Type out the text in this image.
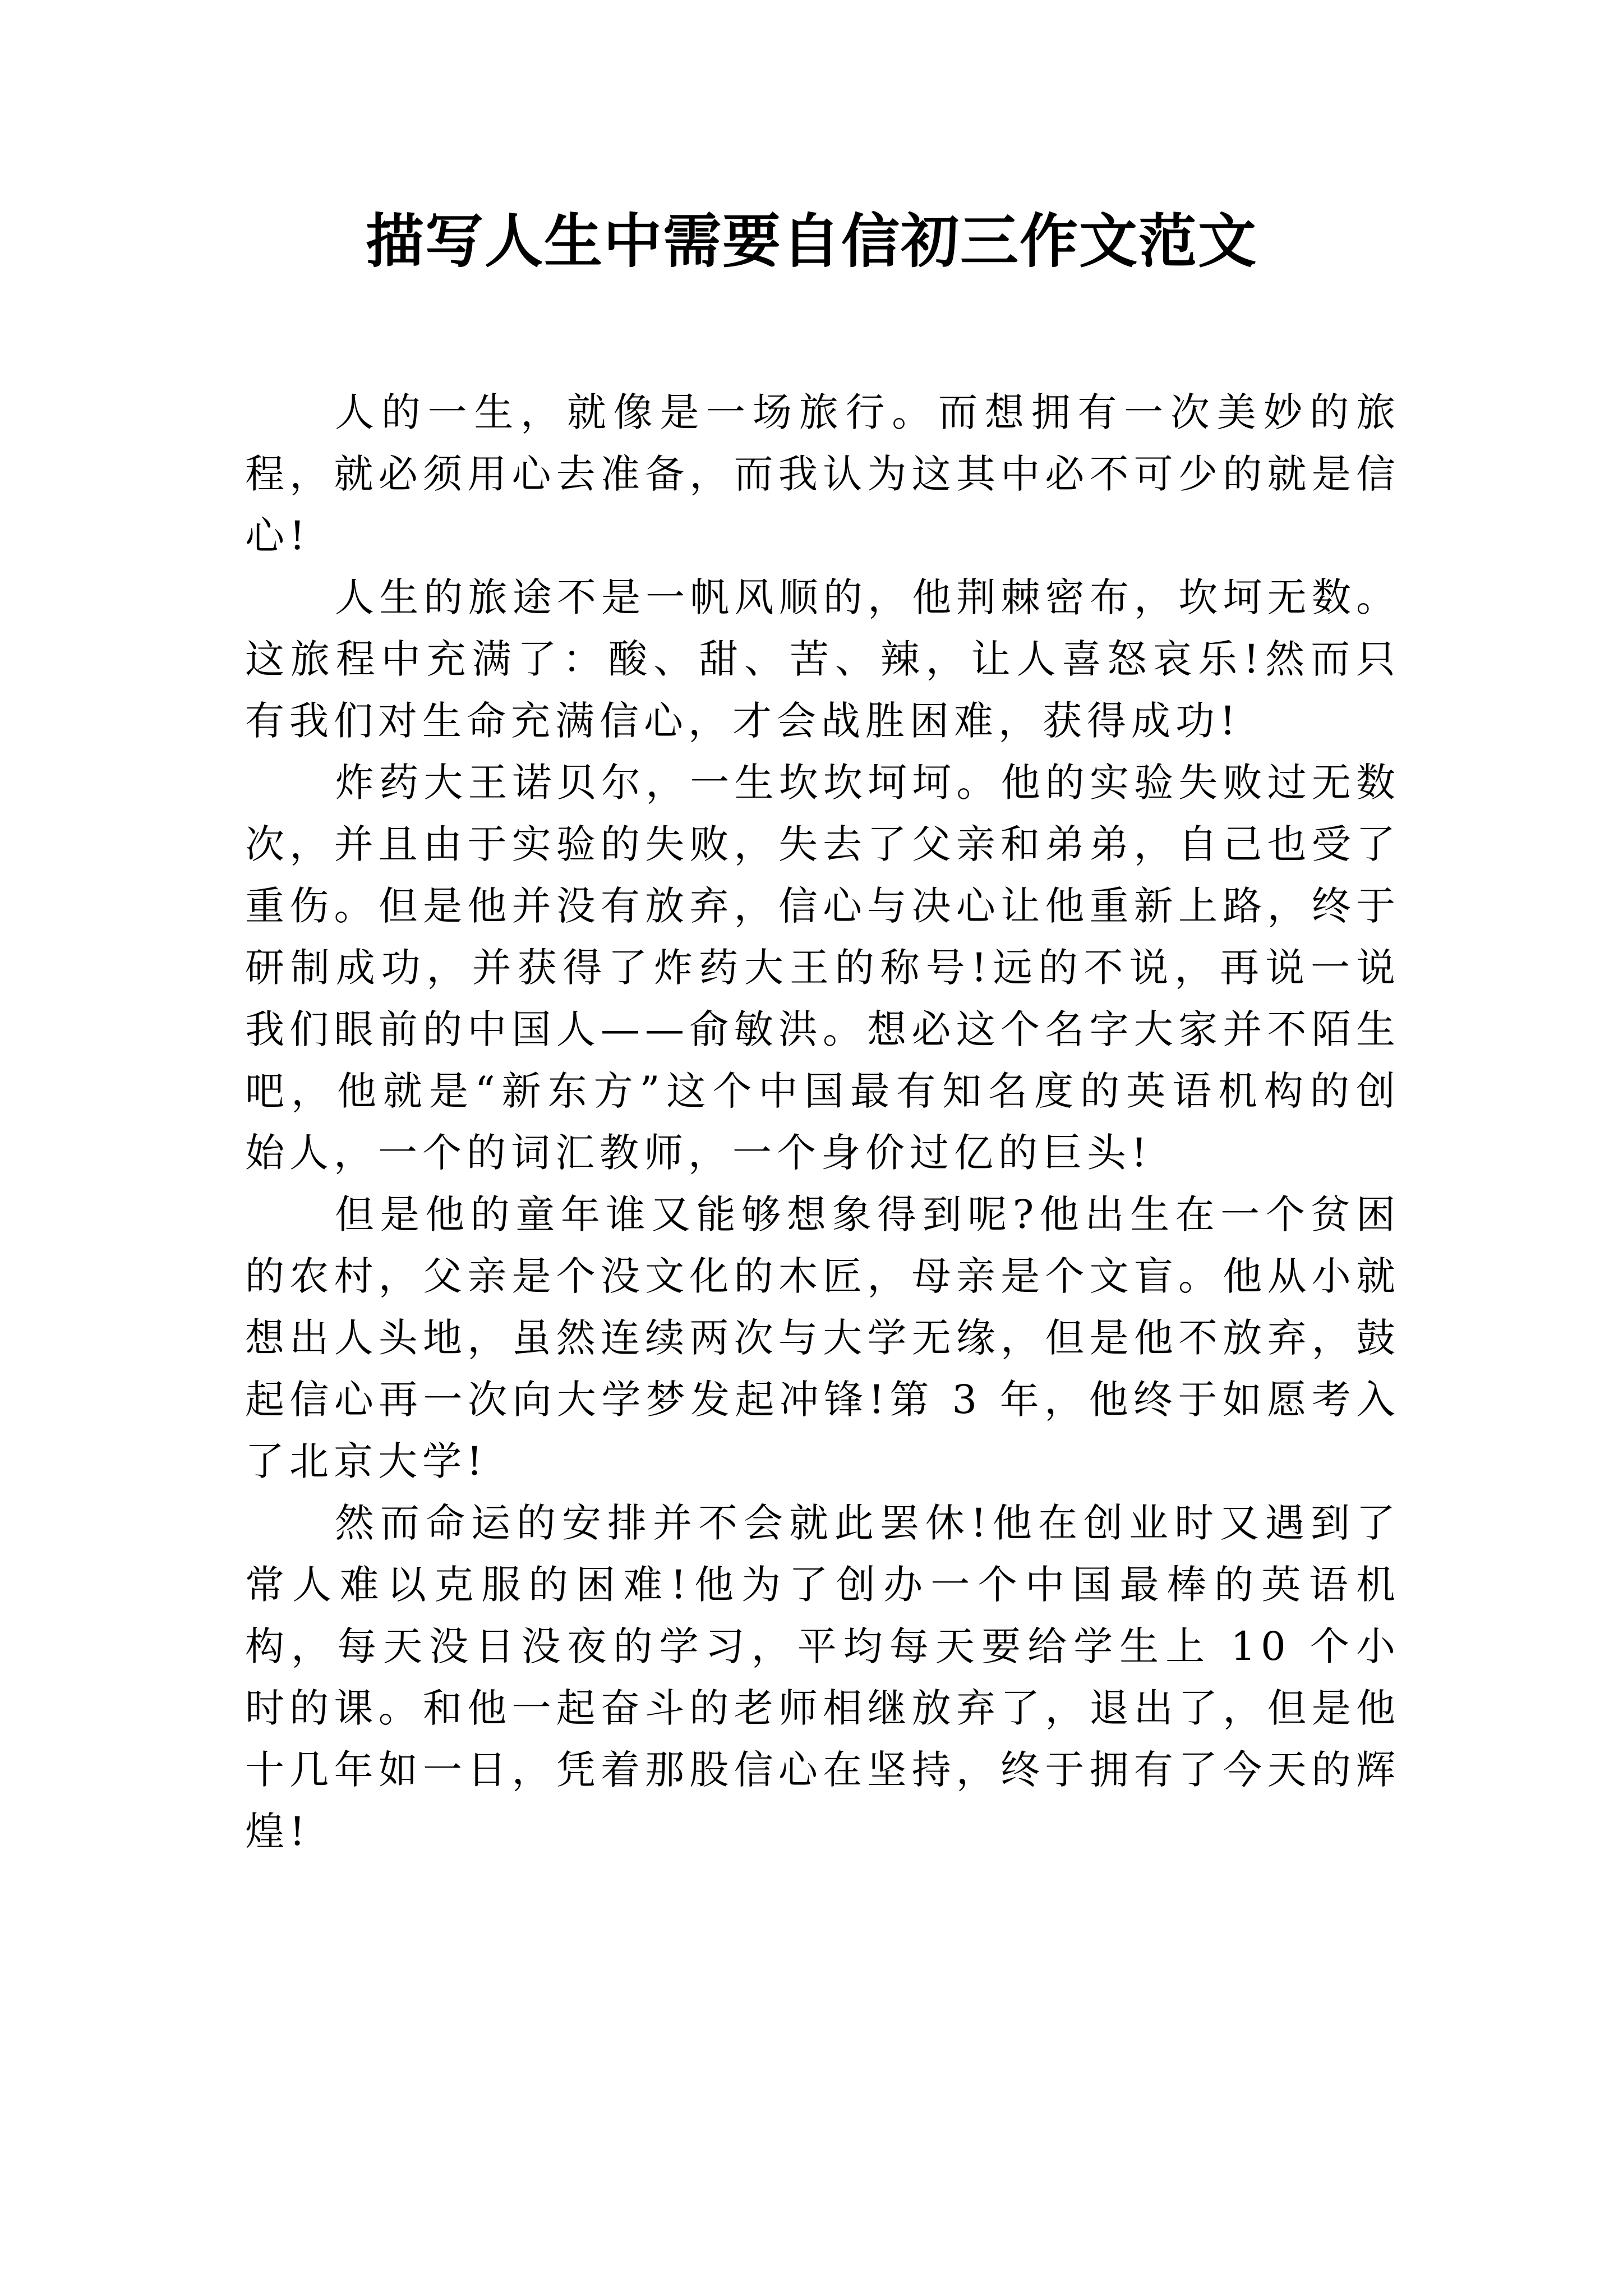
描写人生中需要自信初三作文范文

人的一生，就像是一场旅行。而想拥有一次美妙的旅程，就必须用心去准备，而我认为这其中必不可少的就是信心!

人生的旅途不是一帆风顺的，他荆棘密布，坎坷无数。这旅程中充满了：酸、甜、苦、辣，让人喜怒哀乐!然而只有我们对生命充满信心，才会战胜困难，获得成功!

炸药大王诺贝尔，一生坎坎坷坷。他的实验失败过无数次，并且由于实验的失败，失去了父亲和弟弟，自己也受了重伤。但是他并没有放弃，信心与决心让他重新上路，终于研制成功，并获得了炸药大王的称号!远的不说，再说一说我们眼前的中国人——俞敏洪。想必这个名字大家并不陌生吧，他就是“新东方”这个中国最有知名度的英语机构的创始人，一个的词汇教师，一个身价过亿的巨头!

但是他的童年谁又能够想象得到呢?他出生在一个贫困的农村，父亲是个没文化的木匠，母亲是个文盲。他从小就想出人头地，虽然连续两次与大学无缘，但是他不放弃，鼓起信心再一次向大学梦发起冲锋!第 3 年，他终于如愿考入了北京大学!

然而命运的安排并不会就此罢休!他在创业时又遇到了常人难以克服的困难!他为了创办一个中国最棒的英语机构，每天没日没夜的学习，平均每天要给学生上 10 个小时的课。和他一起奋斗的老师相继放弃了，退出了，但是他十几年如一日，凭着那股信心在坚持，终于拥有了今天的辉煌!
